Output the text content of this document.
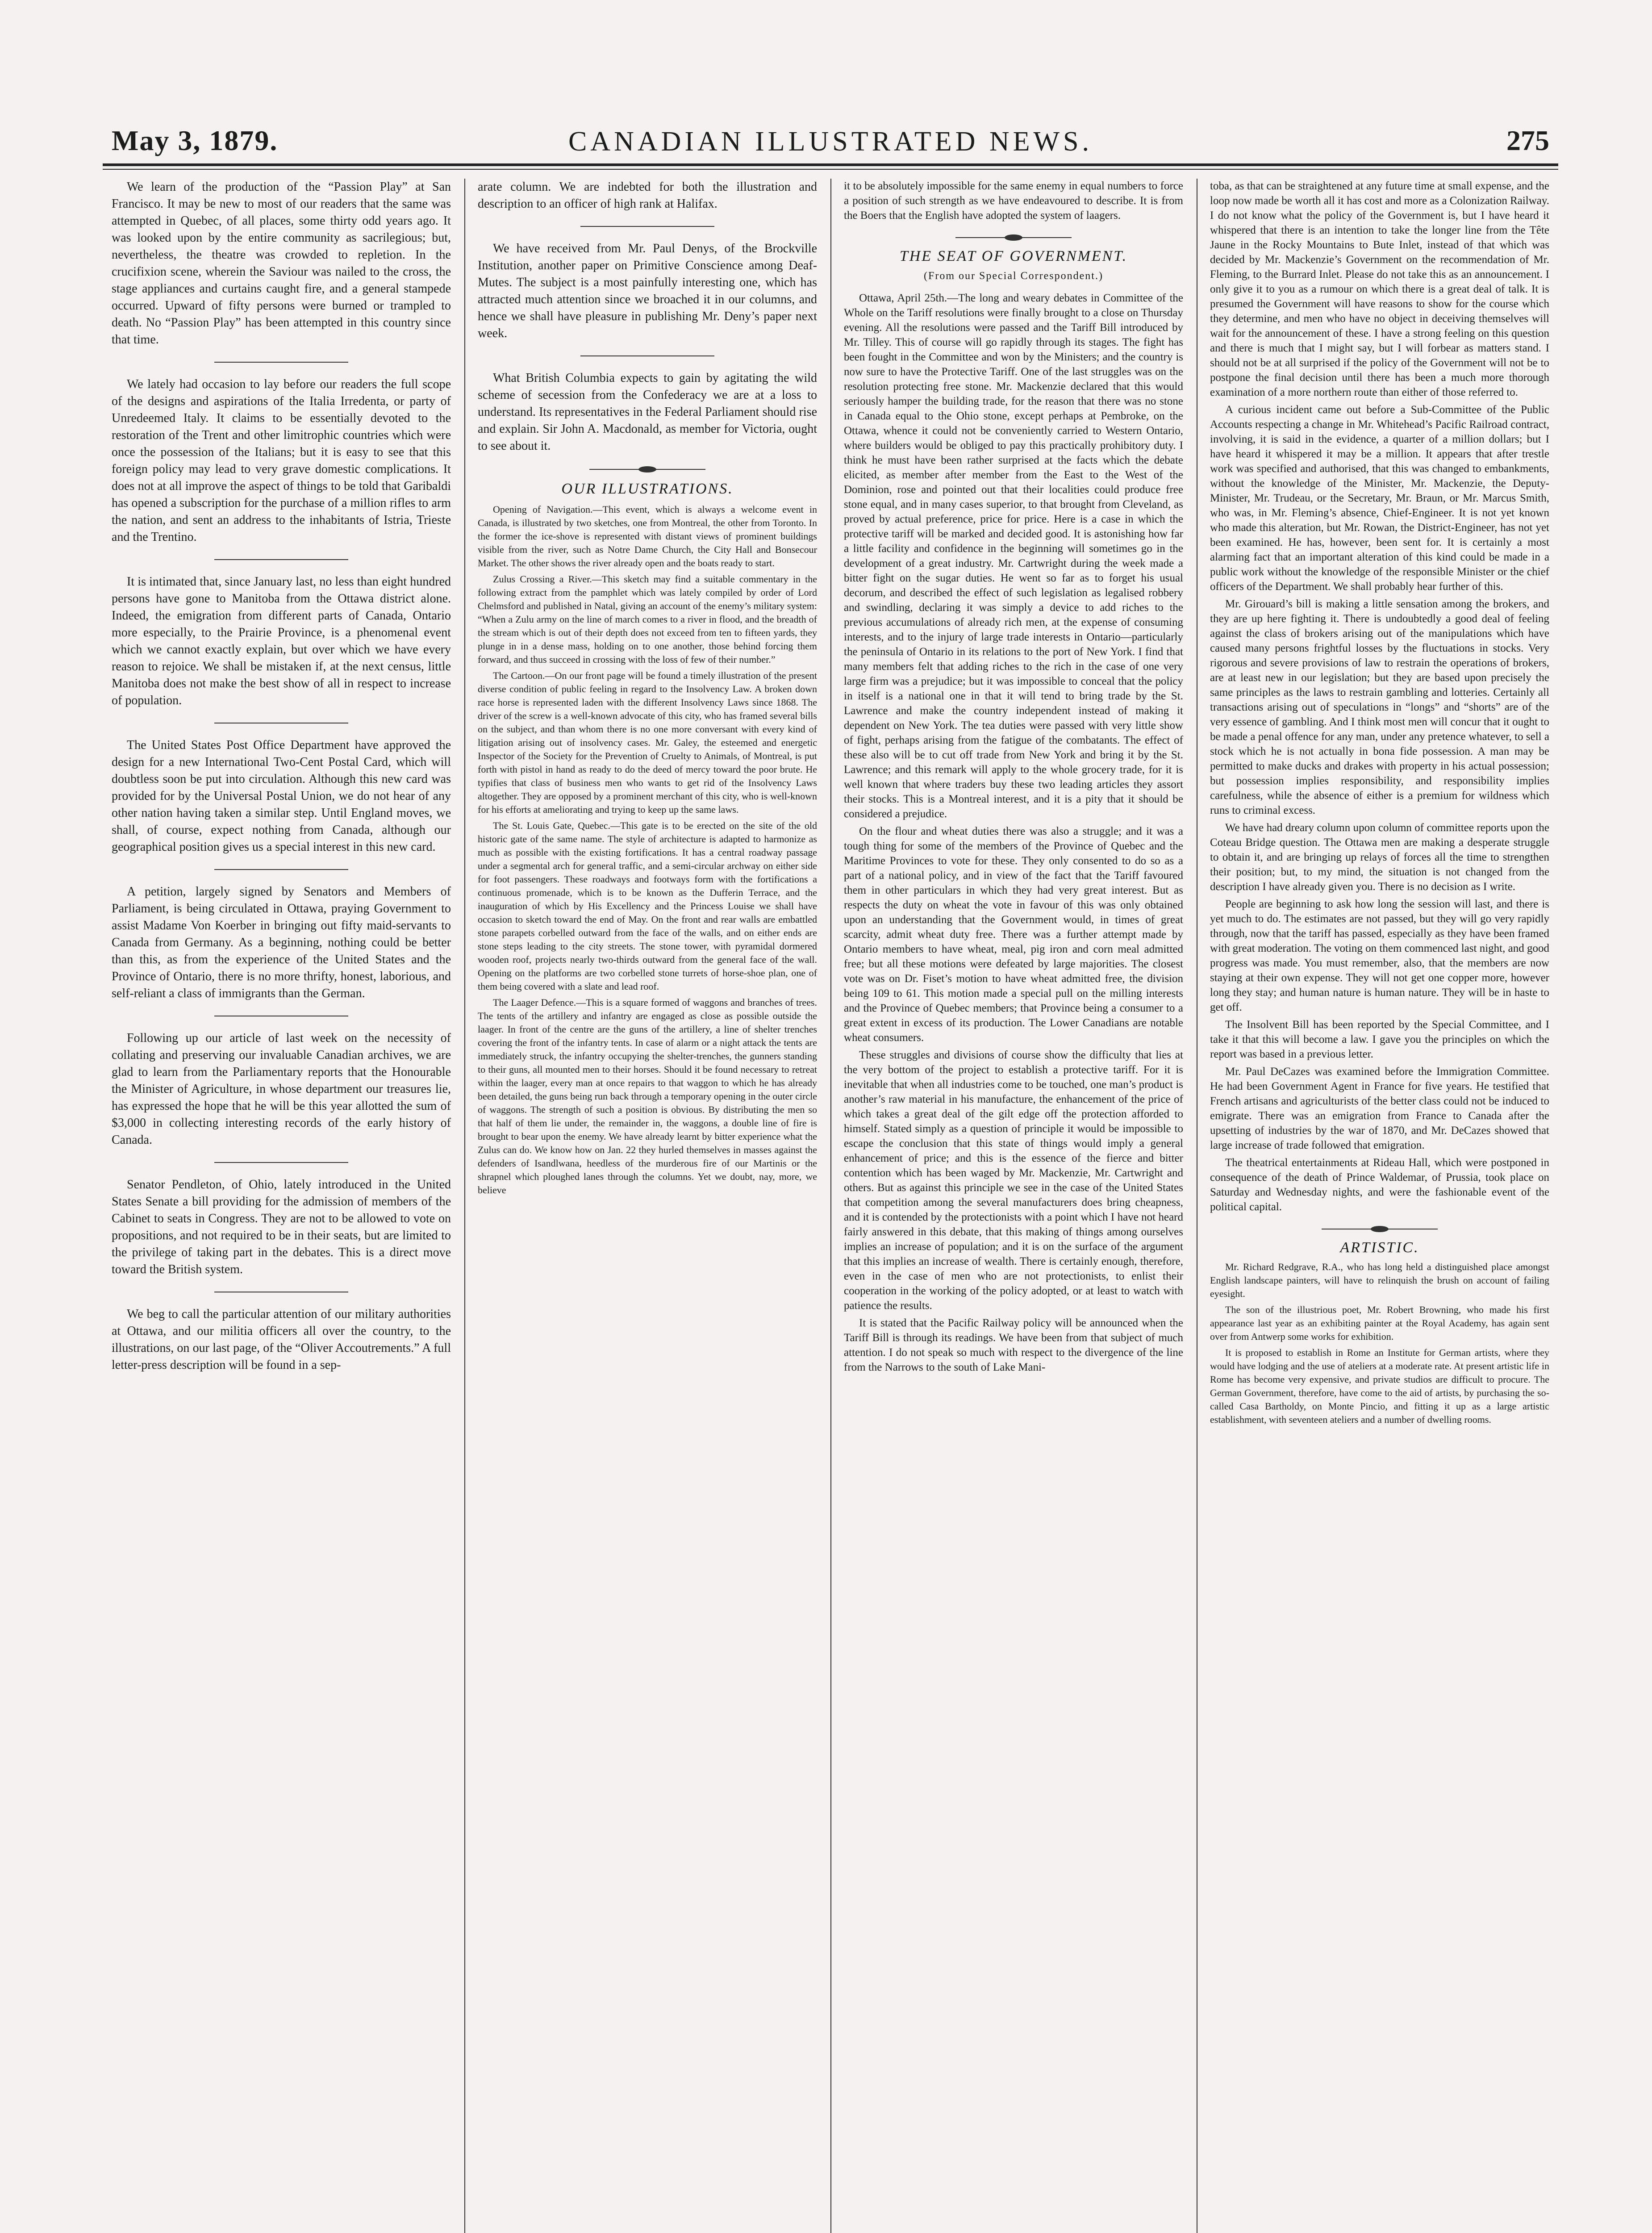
May 3, 1879.	CANADIAN ILLUSTRATED NEWS.	275

We learn of the production of the “Passion Play” at San Francisco. It may be new to most of our readers that the same was attempted in Quebec, of all places, some thirty odd years ago. It was looked upon by the entire community as sacrilegious; but, nevertheless, the theatre was crowded to repletion. In the crucifixion scene, wherein the Saviour was nailed to the cross, the stage appliances and curtains caught fire, and a general stampede occurred. Upward of fifty persons were burned or trampled to death. No “Passion Play” has been attempted in this country since that time.

We lately had occasion to lay before our readers the full scope of the designs and aspirations of the Italia Irredenta, or party of Unredeemed Italy. It claims to be essentially devoted to the restoration of the Trent and other limitrophic countries which were once the possession of the Italians; but it is easy to see that this foreign policy may lead to very grave domestic complications. It does not at all improve the aspect of things to be told that Garibaldi has opened a subscription for the purchase of a million rifles to arm the nation, and sent an address to the inhabitants of Istria, Trieste and the Trentino.

It is intimated that, since January last, no less than eight hundred persons have gone to Manitoba from the Ottawa district alone. Indeed, the emigration from different parts of Canada, Ontario more especially, to the Prairie Province, is a phenomenal event which we cannot exactly explain, but over which we have every reason to rejoice. We shall be mistaken if, at the next census, little Manitoba does not make the best show of all in respect to increase of population.

The United States Post Office Department have approved the design for a new International Two-Cent Postal Card, which will doubtless soon be put into circulation. Although this new card was provided for by the Universal Postal Union, we do not hear of any other nation having taken a similar step. Until England moves, we shall, of course, expect nothing from Canada, although our geographical position gives us a special interest in this new card.

A petition, largely signed by Senators and Members of Parliament, is being circulated in Ottawa, praying Government to assist Madame Von Koerber in bringing out fifty maid-servants to Canada from Germany. As a beginning, nothing could be better than this, as from the experience of the United States and the Province of Ontario, there is no more thrifty, honest, laborious, and self-reliant a class of immigrants than the German.

Following up our article of last week on the necessity of collating and preserving our invaluable Canadian archives, we are glad to learn from the Parliamentary reports that the Honourable the Minister of Agriculture, in whose department our treasures lie, has expressed the hope that he will be this year allotted the sum of $3,000 in collecting interesting records of the early history of Canada.

Senator Pendleton, of Ohio, lately introduced in the United States Senate a bill providing for the admission of members of the Cabinet to seats in Congress. They are not to be allowed to vote on propositions, and not required to be in their seats, but are limited to the privilege of taking part in the debates. This is a direct move toward the British system.

We beg to call the particular attention of our military authorities at Ottawa, and our militia officers all over the country, to the illustrations, on our last page, of the “Oliver Accoutrements.” A full letter-press description will be found in a sep-

arate column. We are indebted for both the illustration and description to an officer of high rank at Halifax.

We have received from Mr. Paul Denys, of the Brockville Institution, another paper on Primitive Conscience among Deaf-Mutes. The subject is a most painfully interesting one, which has attracted much attention since we broached it in our columns, and hence we shall have pleasure in publishing Mr. Deny’s paper next week.

What British Columbia expects to gain by agitating the wild scheme of secession from the Confederacy we are at a loss to understand. Its representatives in the Federal Parliament should rise and explain. Sir John A. Macdonald, as member for Victoria, ought to see about it.

OUR ILLUSTRATIONS.

Opening of Navigation.—This event, which is always a welcome event in Canada, is illustrated by two sketches, one from Montreal, the other from Toronto. In the former the ice-shove is represented with distant views of prominent buildings visible from the river, such as Notre Dame Church, the City Hall and Bonsecour Market. The other shows the river already open and the boats ready to start.

Zulus Crossing a River.—This sketch may find a suitable commentary in the following extract from the pamphlet which was lately compiled by order of Lord Chelmsford and published in Natal, giving an account of the enemy’s military system: “When a Zulu army on the line of march comes to a river in flood, and the breadth of the stream which is out of their depth does not exceed from ten to fifteen yards, they plunge in in a dense mass, holding on to one another, those behind forcing them forward, and thus succeed in crossing with the loss of few of their number.”

The Cartoon.—On our front page will be found a timely illustration of the present diverse condition of public feeling in regard to the Insolvency Law. A broken down race horse is represented laden with the different Insolvency Laws since 1868. The driver of the screw is a well-known advocate of this city, who has framed several bills on the subject, and than whom there is no one more conversant with every kind of litigation arising out of insolvency cases. Mr. Galey, the esteemed and energetic Inspector of the Society for the Prevention of Cruelty to Animals, of Montreal, is put forth with pistol in hand as ready to do the deed of mercy toward the poor brute. He typifies that class of business men who wants to get rid of the Insolvency Laws altogether. They are opposed by a prominent merchant of this city, who is well-known for his efforts at ameliorating and trying to keep up the same laws.

The St. Louis Gate, Quebec.—This gate is to be erected on the site of the old historic gate of the same name. The style of architecture is adapted to harmonize as much as possible with the existing fortifications. It has a central roadway passage under a segmental arch for general traffic, and a semi-circular archway on either side for foot passengers. These roadways and footways form with the fortifications a continuous promenade, which is to be known as the Dufferin Terrace, and the inauguration of which by His Excellency and the Princess Louise we shall have occasion to sketch toward the end of May. On the front and rear walls are embattled stone parapets corbelled outward from the face of the walls, and on either ends are stone steps leading to the city streets. The stone tower, with pyramidal dormered wooden roof, projects nearly two-thirds outward from the general face of the wall. Opening on the platforms are two corbelled stone turrets of horse-shoe plan, one of them being covered with a slate and lead roof.

The Laager Defence.—This is a square formed of waggons and branches of trees. The tents of the artillery and infantry are engaged as close as possible outside the laager. In front of the centre are the guns of the artillery, a line of shelter trenches covering the front of the infantry tents. In case of alarm or a night attack the tents are immediately struck, the infantry occupying the shelter-trenches, the gunners standing to their guns, all mounted men to their horses. Should it be found necessary to retreat within the laager, every man at once repairs to that waggon to which he has already been detailed, the guns being run back through a temporary opening in the outer circle of waggons. The strength of such a position is obvious. By distributing the men so that half of them lie under, the remainder in, the waggons, a double line of fire is brought to bear upon the enemy. We have already learnt by bitter experience what the Zulus can do. We know how on Jan. 22 they hurled themselves in masses against the defenders of Isandlwana, heedless of the murderous fire of our Martinis or the shrapnel which ploughed lanes through the columns. Yet we doubt, nay, more, we believe

it to be absolutely impossible for the same enemy in equal numbers to force a position of such strength as we have endeavoured to describe. It is from the Boers that the English have adopted the system of laagers.

THE SEAT OF GOVERNMENT.
(From our Special Correspondent.)

Ottawa, April 25th.—The long and weary debates in Committee of the Whole on the Tariff resolutions were finally brought to a close on Thursday evening. All the resolutions were passed and the Tariff Bill introduced by Mr. Tilley. This of course will go rapidly through its stages. The fight has been fought in the Committee and won by the Ministers; and the country is now sure to have the Protective Tariff. One of the last struggles was on the resolution protecting free stone. Mr. Mackenzie declared that this would seriously hamper the building trade, for the reason that there was no stone in Canada equal to the Ohio stone, except perhaps at Pembroke, on the Ottawa, whence it could not be conveniently carried to Western Ontario, where builders would be obliged to pay this practically prohibitory duty. I think he must have been rather surprised at the facts which the debate elicited, as member after member from the East to the West of the Dominion, rose and pointed out that their localities could produce free stone equal, and in many cases superior, to that brought from Cleveland, as proved by actual preference, price for price. Here is a case in which the protective tariff will be marked and decided good. It is astonishing how far a little facility and confidence in the beginning will sometimes go in the development of a great industry. Mr. Cartwright during the week made a bitter fight on the sugar duties. He went so far as to forget his usual decorum, and described the effect of such legislation as legalised robbery and swindling, declaring it was simply a device to add riches to the previous accumulations of already rich men, at the expense of consuming interests, and to the injury of large trade interests in Ontario—particularly the peninsula of Ontario in its relations to the port of New York. I find that many members felt that adding riches to the rich in the case of one very large firm was a prejudice; but it was impossible to conceal that the policy in itself is a national one in that it will tend to bring trade by the St. Lawrence and make the country independent instead of making it dependent on New York. The tea duties were passed with very little show of fight, perhaps arising from the fatigue of the combatants. The effect of these also will be to cut off trade from New York and bring it by the St. Lawrence; and this remark will apply to the whole grocery trade, for it is well known that where traders buy these two leading articles they assort their stocks. This is a Montreal interest, and it is a pity that it should be considered a prejudice.

On the flour and wheat duties there was also a struggle; and it was a tough thing for some of the members of the Province of Quebec and the Maritime Provinces to vote for these. They only consented to do so as a part of a national policy, and in view of the fact that the Tariff favoured them in other particulars in which they had very great interest. But as respects the duty on wheat the vote in favour of this was only obtained upon an understanding that the Government would, in times of great scarcity, admit wheat duty free. There was a further attempt made by Ontario members to have wheat, meal, pig iron and corn meal admitted free; but all these motions were defeated by large majorities. The closest vote was on Dr. Fiset’s motion to have wheat admitted free, the division being 109 to 61. This motion made a special pull on the milling interests and the Province of Quebec members; that Province being a consumer to a great extent in excess of its production. The Lower Canadians are notable wheat consumers.

These struggles and divisions of course show the difficulty that lies at the very bottom of the project to establish a protective tariff. For it is inevitable that when all industries come to be touched, one man’s product is another’s raw material in his manufacture, the enhancement of the price of which takes a great deal of the gilt edge off the protection afforded to himself. Stated simply as a question of principle it would be impossible to escape the conclusion that this state of things would imply a general enhancement of price; and this is the essence of the fierce and bitter contention which has been waged by Mr. Mackenzie, Mr. Cartwright and others. But as against this principle we see in the case of the United States that competition among the several manufacturers does bring cheapness, and it is contended by the protectionists with a point which I have not heard fairly answered in this debate, that this making of things among ourselves implies an increase of population; and it is on the surface of the argument that this implies an increase of wealth. There is certainly enough, therefore, even in the case of men who are not protectionists, to enlist their cooperation in the working of the policy adopted, or at least to watch with patience the results.

It is stated that the Pacific Railway policy will be announced when the Tariff Bill is through its readings. We have been from that subject of much attention. I do not speak so much with respect to the divergence of the line from the Narrows to the south of Lake Mani-

toba, as that can be straightened at any future time at small expense, and the loop now made be worth all it has cost and more as a Colonization Railway. I do not know what the policy of the Government is, but I have heard it whispered that there is an intention to take the longer line from the Tête Jaune in the Rocky Mountains to Bute Inlet, instead of that which was decided by Mr. Mackenzie’s Government on the recommendation of Mr. Fleming, to the Burrard Inlet. Please do not take this as an announcement. I only give it to you as a rumour on which there is a great deal of talk. It is presumed the Government will have reasons to show for the course which they determine, and men who have no object in deceiving themselves will wait for the announcement of these. I have a strong feeling on this question and there is much that I might say, but I will forbear as matters stand. I should not be at all surprised if the policy of the Government will not be to postpone the final decision until there has been a much more thorough examination of a more northern route than either of those referred to.

A curious incident came out before a Sub-Committee of the Public Accounts respecting a change in Mr. Whitehead’s Pacific Railroad contract, involving, it is said in the evidence, a quarter of a million dollars; but I have heard it whispered it may be a million. It appears that after trestle work was specified and authorised, that this was changed to embankments, without the knowledge of the Minister, Mr. Mackenzie, the Deputy-Minister, Mr. Trudeau, or the Secretary, Mr. Braun, or Mr. Marcus Smith, who was, in Mr. Fleming’s absence, Chief-Engineer. It is not yet known who made this alteration, but Mr. Rowan, the District-Engineer, has not yet been examined. He has, however, been sent for. It is certainly a most alarming fact that an important alteration of this kind could be made in a public work without the knowledge of the responsible Minister or the chief officers of the Department. We shall probably hear further of this.

Mr. Girouard’s bill is making a little sensation among the brokers, and they are up here fighting it. There is undoubtedly a good deal of feeling against the class of brokers arising out of the manipulations which have caused many persons frightful losses by the fluctuations in stocks. Very rigorous and severe provisions of law to restrain the operations of brokers, are at least new in our legislation; but they are based upon precisely the same principles as the laws to restrain gambling and lotteries. Certainly all transactions arising out of speculations in “longs” and “shorts” are of the very essence of gambling. And I think most men will concur that it ought to be made a penal offence for any man, under any pretence whatever, to sell a stock which he is not actually in bona fide possession. A man may be permitted to make ducks and drakes with property in his actual possession; but possession implies responsibility, and responsibility implies carefulness, while the absence of either is a premium for wildness which runs to criminal excess.

We have had dreary column upon column of committee reports upon the Coteau Bridge question. The Ottawa men are making a desperate struggle to obtain it, and are bringing up relays of forces all the time to strengthen their position; but, to my mind, the situation is not changed from the description I have already given you. There is no decision as I write.

People are beginning to ask how long the session will last, and there is yet much to do. The estimates are not passed, but they will go very rapidly through, now that the tariff has passed, especially as they have been framed with great moderation. The voting on them commenced last night, and good progress was made. You must remember, also, that the members are now staying at their own expense. They will not get one copper more, however long they stay; and human nature is human nature. They will be in haste to get off.

The Insolvent Bill has been reported by the Special Committee, and I take it that this will become a law. I gave you the principles on which the report was based in a previous letter.

Mr. Paul DeCazes was examined before the Immigration Committee. He had been Government Agent in France for five years. He testified that French artisans and agriculturists of the better class could not be induced to emigrate. There was an emigration from France to Canada after the upsetting of industries by the war of 1870, and Mr. DeCazes showed that large increase of trade followed that emigration.

The theatrical entertainments at Rideau Hall, which were postponed in consequence of the death of Prince Waldemar, of Prussia, took place on Saturday and Wednesday nights, and were the fashionable event of the political capital.

ARTISTIC.

Mr. Richard Redgrave, R.A., who has long held a distinguished place amongst English landscape painters, will have to relinquish the brush on account of failing eyesight.

The son of the illustrious poet, Mr. Robert Browning, who made his first appearance last year as an exhibiting painter at the Royal Academy, has again sent over from Antwerp some works for exhibition.

It is proposed to establish in Rome an Institute for German artists, where they would have lodging and the use of ateliers at a moderate rate. At present artistic life in Rome has become very expensive, and private studios are difficult to procure. The German Government, therefore, have come to the aid of artists, by purchasing the so-called Casa Bartholdy, on Monte Pincio, and fitting it up as a large artistic establishment, with seventeen ateliers and a number of dwelling rooms.
